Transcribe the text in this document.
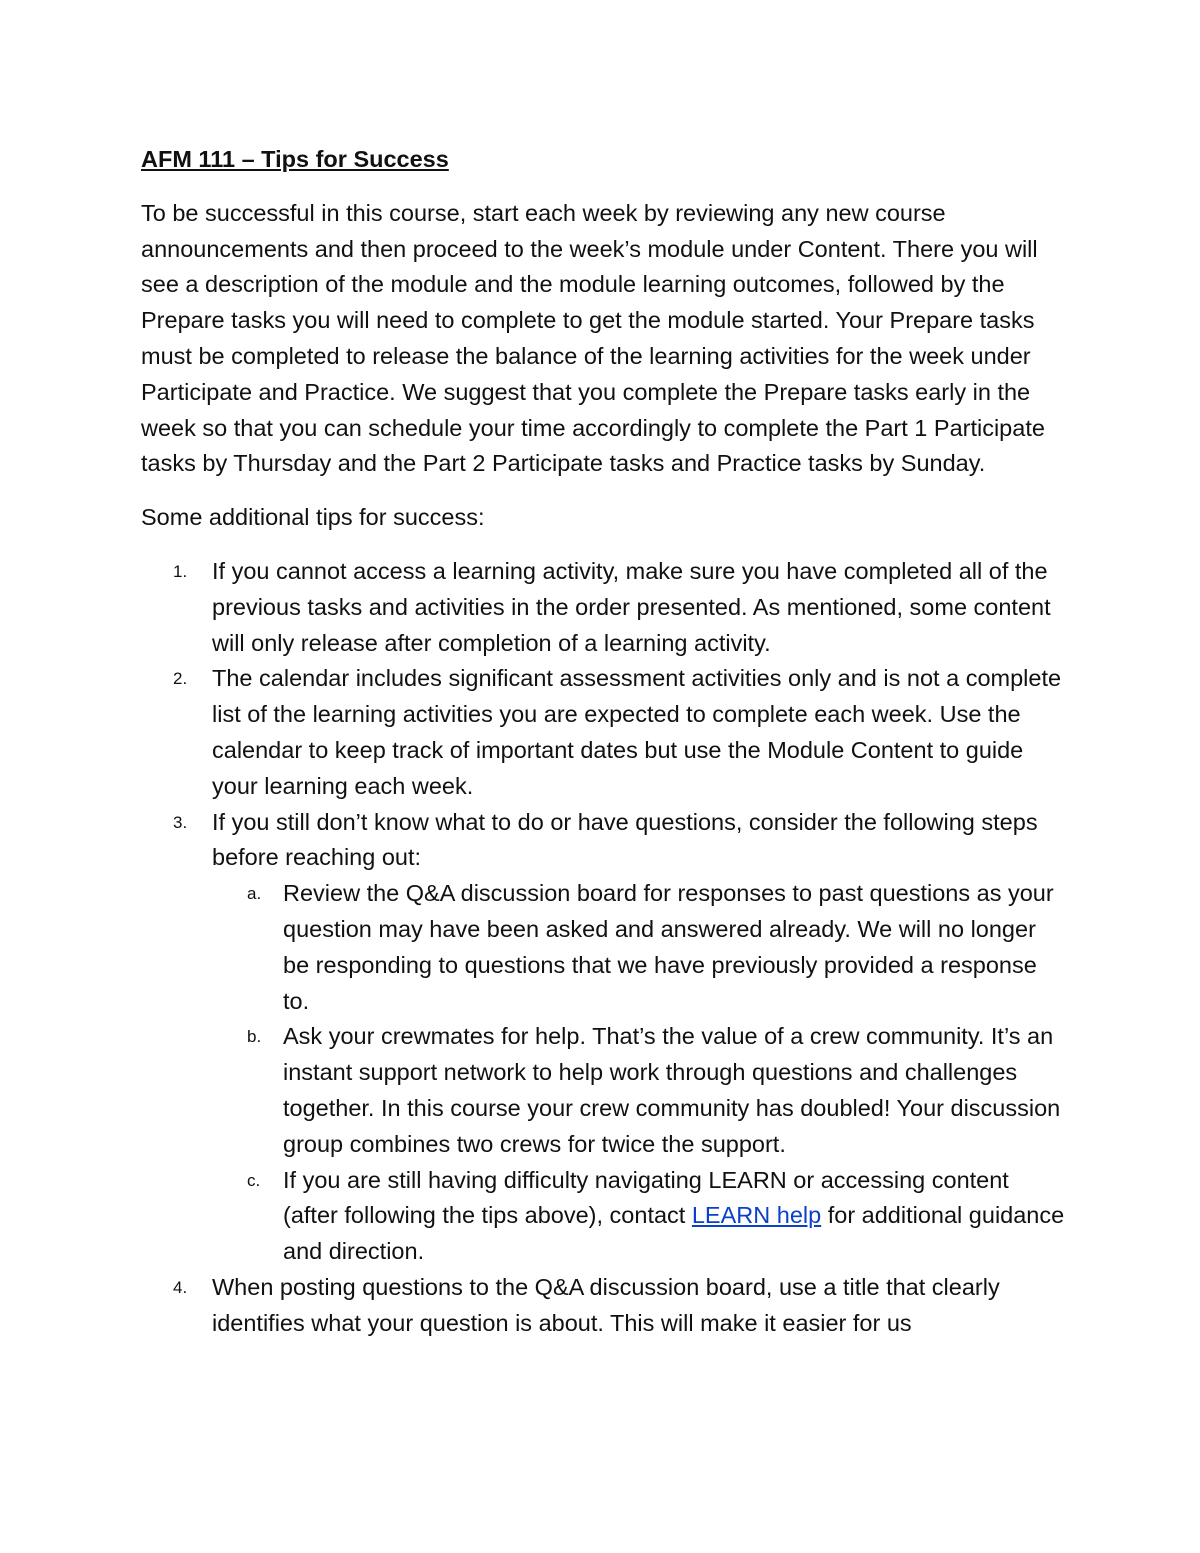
AFM 111 – Tips for Success

To be successful in this course, start each week by reviewing any new course announcements and then proceed to the week’s module under Content. There you will see a description of the module and the module learning outcomes, followed by the Prepare tasks you will need to complete to get the module started. Your Prepare tasks must be completed to release the balance of the learning activities for the week under Participate and Practice. We suggest that you complete the Prepare tasks early in the week so that you can schedule your time accordingly to complete the Part 1 Participate tasks by Thursday and the Part 2 Participate tasks and Practice tasks by Sunday.

Some additional tips for success:

1. If you cannot access a learning activity, make sure you have completed all of the previous tasks and activities in the order presented. As mentioned, some content will only release after completion of a learning activity.
2. The calendar includes significant assessment activities only and is not a complete list of the learning activities you are expected to complete each week. Use the calendar to keep track of important dates but use the Module Content to guide your learning each week.
3. If you still don’t know what to do or have questions, consider the following steps before reaching out:
a. Review the Q&A discussion board for responses to past questions as your question may have been asked and answered already. We will no longer be responding to questions that we have previously provided a response to.
b. Ask your crewmates for help. That’s the value of a crew community. It’s an instant support network to help work through questions and challenges together. In this course your crew community has doubled! Your discussion group combines two crews for twice the support.
c. If you are still having difficulty navigating LEARN or accessing content (after following the tips above), contact LEARN help for additional guidance and direction.
4. When posting questions to the Q&A discussion board, use a title that clearly identifies what your question is about. This will make it easier for us
